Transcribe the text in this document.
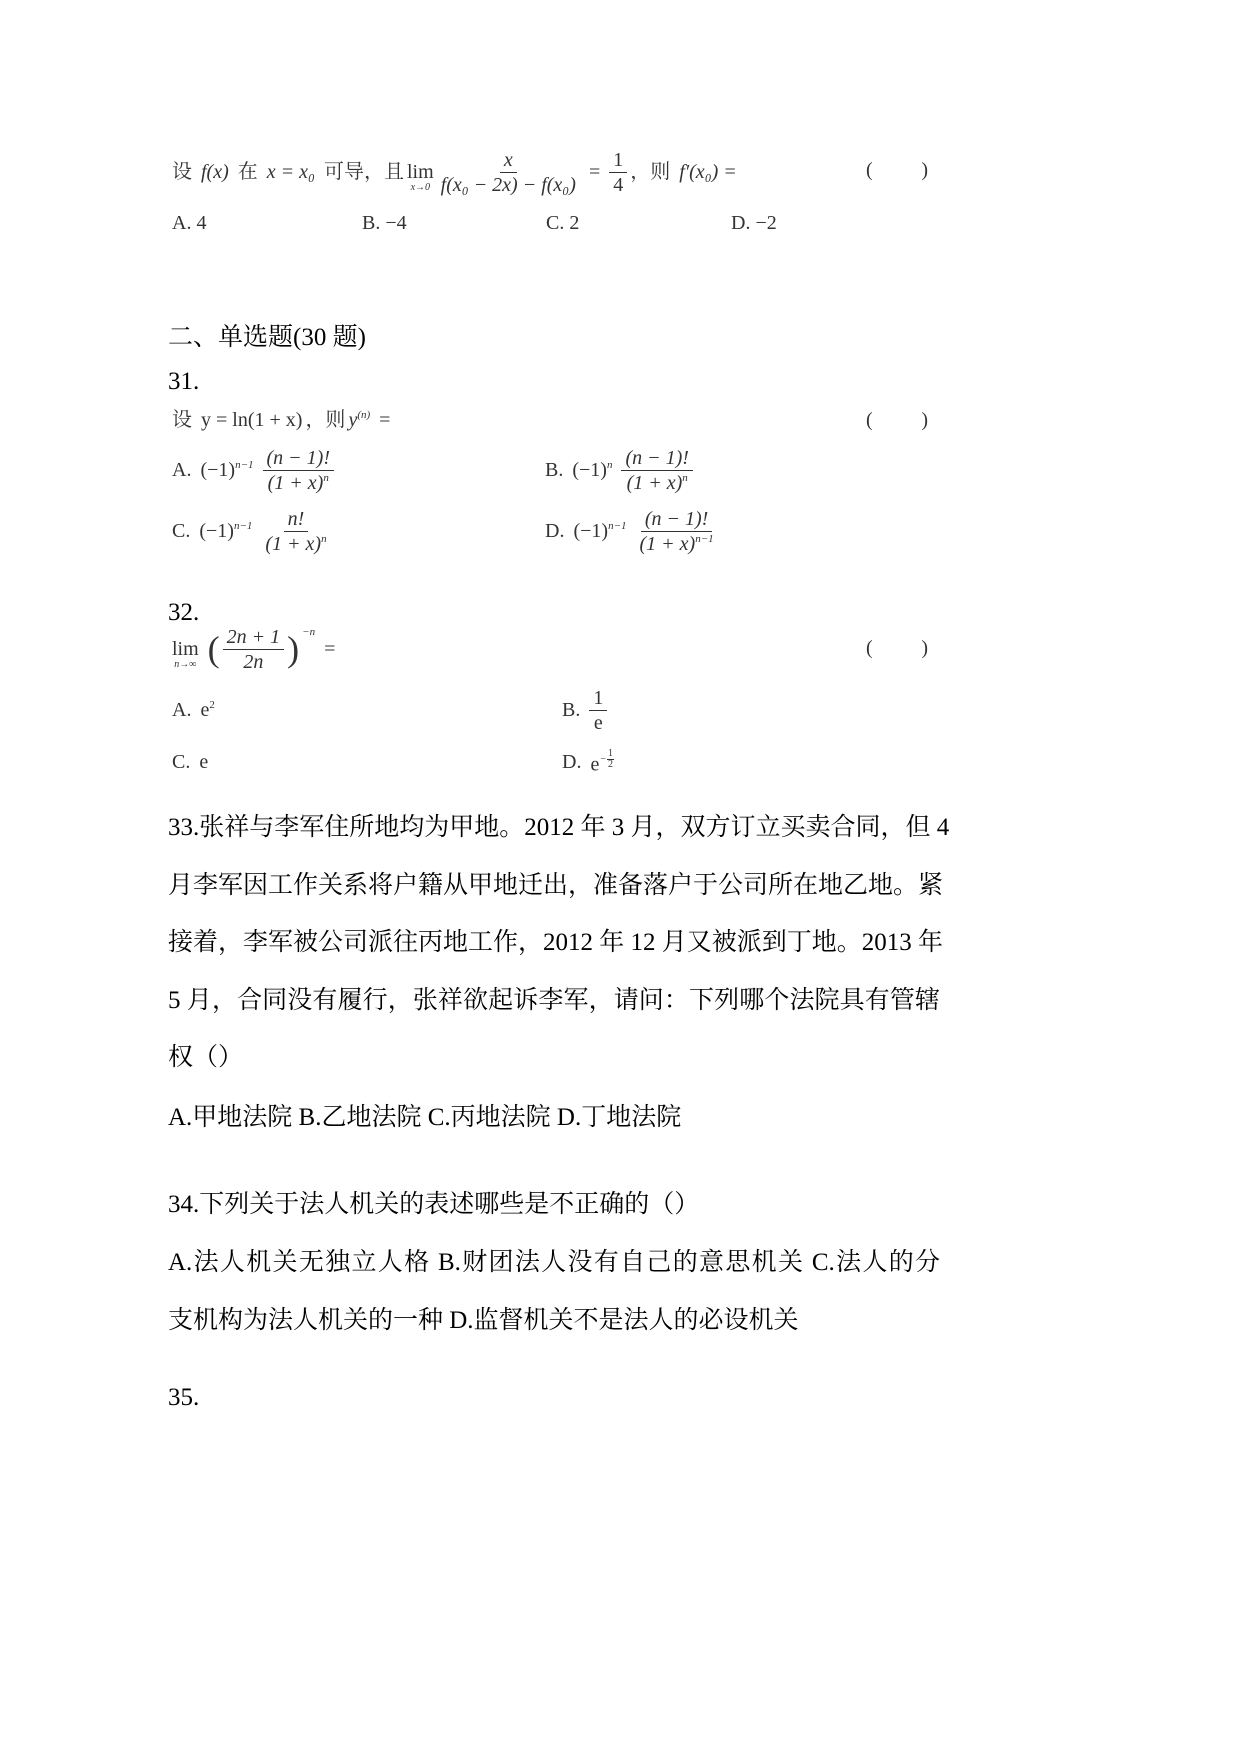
设 f(x) 在 x = x₀ 可导，且 lim
$x\to 0 \frac{x}{\text{f(x₀ − 2x) − f(x₀)}} = \frac{1}{4}$ ，则 f′(x₀) =	( )
A. 4	B. −4	C. 2	D. −2
二、单选题(30 题)
31.
设 y = ln(1 + x) ，则 $y^{(n)}$ =	( )
A. $(-1)^{n-1} \frac{(n - 1)!}{(1 + x)^n}$	B. $(-1)^n \frac{(n - 1)!}{(1 + x)^n}$
C. $(-1)^{n-1} \frac{n!}{(1 + x)^n}$	D. $(-1)^{n-1} \frac{(n - 1)!}{(1 + x)^{n-1}}$
32.
lim
n→∞ ( $\frac{2n + 1}{2n}$ ) −n
=	( )
A. $e^2$	B. $\frac{1}{e}$
C. e	D. $e - \frac{1}{2}$
33.张祥与李军住所地均为甲地。2012 年 3 月，双方订立买卖合同，但 4
月李军因工作关系将户籍从甲地迁出，准备落户于公司所在地乙地。紧
接着，李军被公司派往丙地工作，2012 年 12 月又被派到丁地。2013 年
5 月，合同没有履行，张祥欲起诉李军，请问：下列哪个法院具有管辖
权（）
A.甲地法院 B.乙地法院 C.丙地法院 D.丁地法院
34.下列关于法人机关的表述哪些是不正确的（）
A.法人机关无独立人格 B.财团法人没有自己的意思机关 C.法人的分
支机构为法人机关的一种 D.监督机关不是法人的必设机关
35.
